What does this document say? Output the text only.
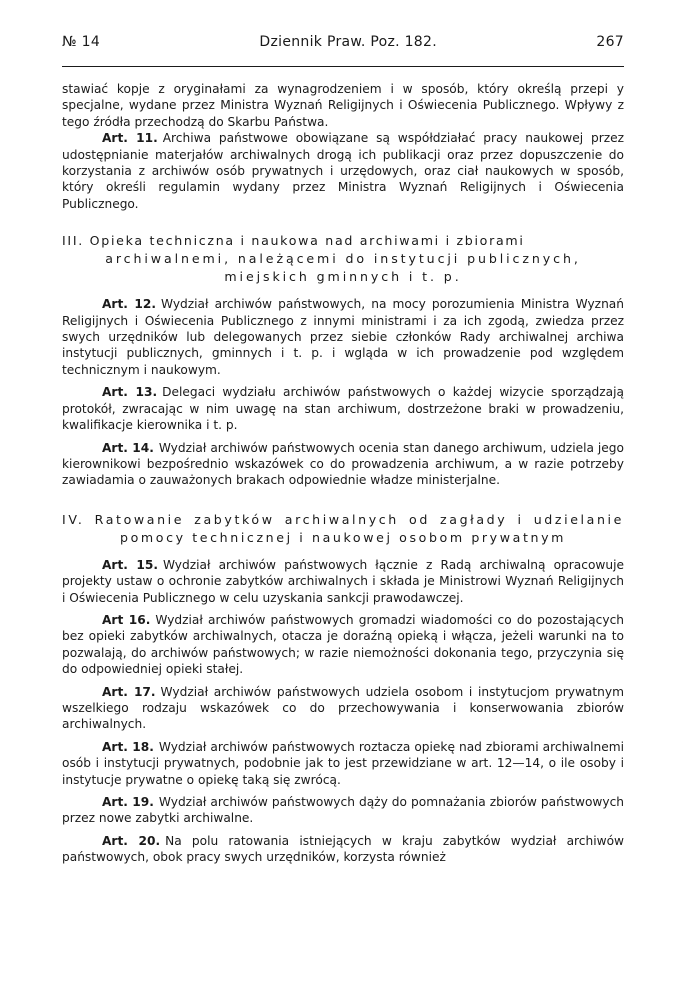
№ 14	Dziennik Praw. Poz. 182.	267

stawiać kopje z oryginałami za wynagrodzeniem i w sposób, który określą przepi y specjalne, wydane przez Ministra Wyznań Religijnych i Oświecenia Publicznego. Wpływy z tego źródła przechodzą do Skarbu Państwa.

Art. 11. Archiwa państwowe obowiązane są współdziałać pracy naukowej przez udostępnianie materjałów archiwalnych drogą ich publikacji oraz przez dopuszczenie do korzystania z archiwów osób prywatnych i urzędowych, oraz ciał naukowych w sposób, który określi regulamin wydany przez Ministra Wyznań Religijnych i Oświecenia Publicznego.

III. Opieka techniczna i naukowa nad archiwami i zbiorami

archiwalnemi, należącemi do instytucji publicznych,

miejskich gminnych i t. p.

Art. 12. Wydział archiwów państwowych, na mocy porozumienia Ministra Wyznań Religijnych i Oświecenia Publicznego z innymi ministrami i za ich zgodą, zwiedza przez swych urzędników lub delegowanych przez siebie członków Rady archiwalnej archiwa instytucji publicznych, gminnych i t. p. i wgląda w ich prowadzenie pod względem technicznym i naukowym.

Art. 13. Delegaci wydziału archiwów państwowych o każdej wizycie sporządzają protokół, zwracając w nim uwagę na stan archiwum, dostrzeżone braki w prowadzeniu, kwalifikacje kierownika i t. p.

Art. 14. Wydział archiwów państwowych ocenia stan danego archiwum, udziela jego kierownikowi bezpośrednio wskazówek co do prowadzenia archiwum, a w razie potrzeby zawiadamia o zauważonych brakach odpowiednie władze ministerjalne.

IV. Ratowanie zabytków archiwalnych od zagłady i udzielanie pomocy technicznej i naukowej osobom prywatnym

Art. 15. Wydział archiwów państwowych łącznie z Radą archiwalną opracowuje projekty ustaw o ochronie zabytków archiwalnych i składa je Ministrowi Wyznań Religijnych i Oświecenia Publicznego w celu uzyskania sankcji prawodawczej.

Art 16. Wydział archiwów państwowych gromadzi wiadomości co do pozostających bez opieki zabytków archiwalnych, otacza je doraźną opieką i włącza, jeżeli warunki na to pozwalają, do archiwów państwowych; w razie niemożności dokonania tego, przyczynia się do odpowiedniej opieki stałej.

Art. 17. Wydział archiwów państwowych udziela osobom i instytucjom prywatnym wszelkiego rodzaju wskazówek co do przechowywania i konserwowania zbiorów archiwalnych.

Art. 18. Wydział archiwów państwowych roztacza opiekę nad zbiorami archiwalnemi osób i instytucji prywatnych, podobnie jak to jest przewidziane w art. 12—14, o ile osoby i instytucje prywatne o opiekę taką się zwrócą.

Art. 19. Wydział archiwów państwowych dąży do pomnażania zbiorów państwowych przez nowe zabytki archiwalne.

Art. 20. Na polu ratowania istniejących w kraju zabytków wydział archiwów państwowych, obok pracy swych urzędników, korzysta również
